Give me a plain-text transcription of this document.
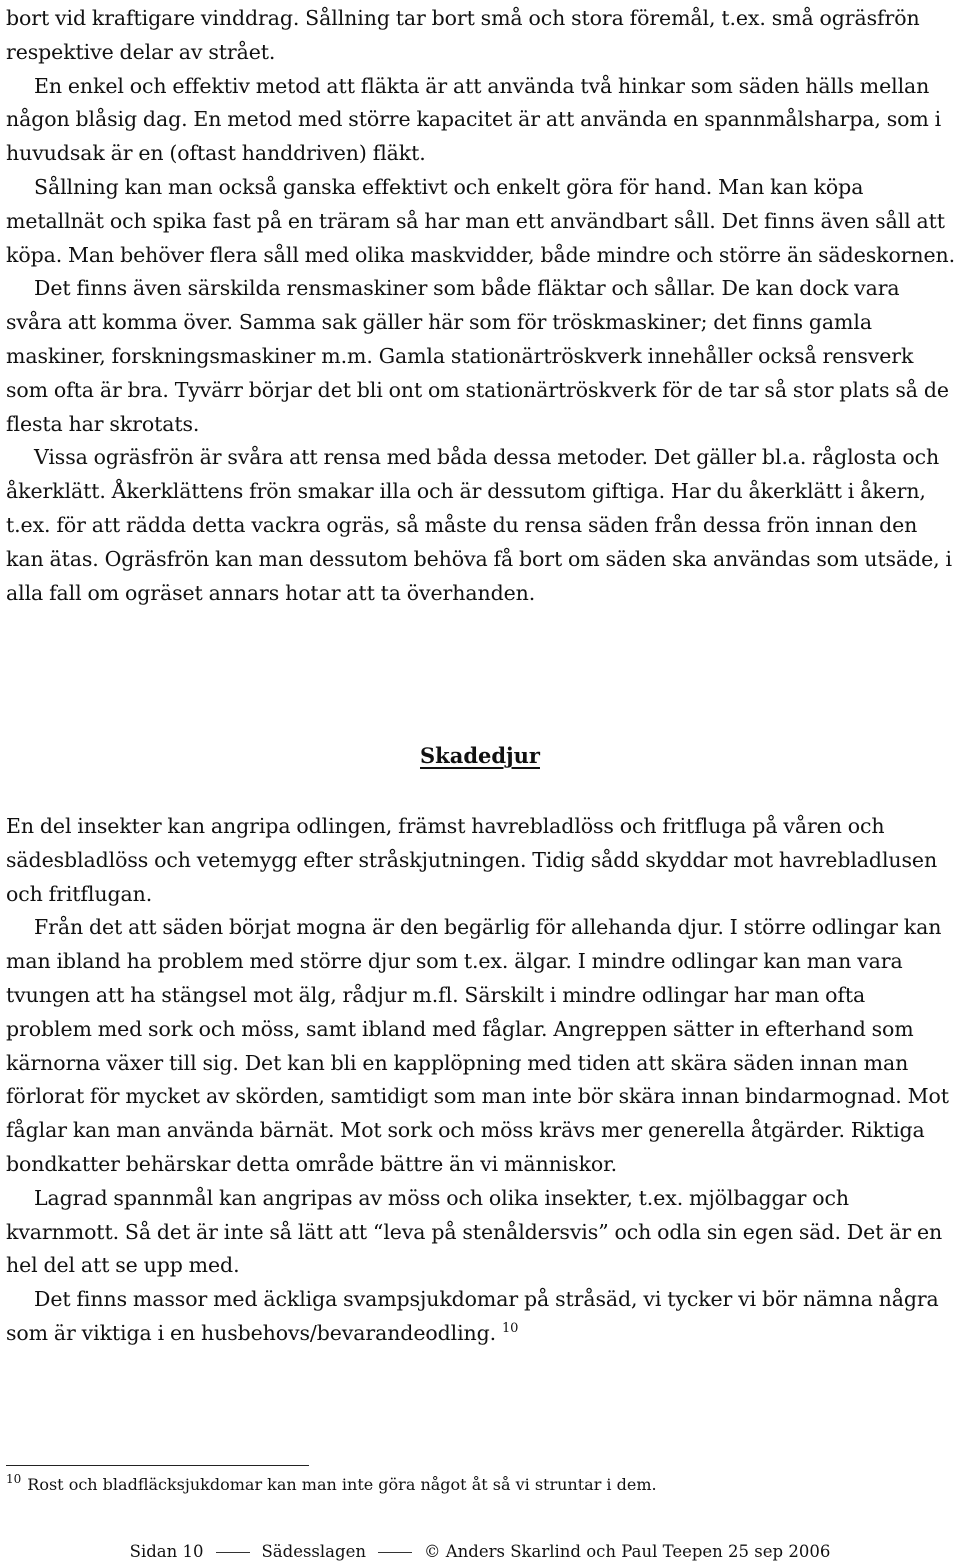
bort vid kraftigare vinddrag. Sållning tar bort små och stora föremål, t.ex. små ogräsfrön respektive delar av strået.

En enkel och effektiv metod att fläkta är att använda två hinkar som säden hälls mellan någon blåsig dag. En metod med större kapacitet är att använda en spannmålsharpa, som i huvudsak är en (oftast handdriven) fläkt.

Sållning kan man också ganska effektivt och enkelt göra för hand. Man kan köpa metallnät och spika fast på en träram så har man ett användbart såll. Det finns även såll att köpa. Man behöver flera såll med olika maskvidder, både mindre och större än sädeskornen.

Det finns även särskilda rensmaskiner som både fläktar och sållar. De kan dock vara svåra att komma över. Samma sak gäller här som för tröskmaskiner; det finns gamla maskiner, forskningsmaskiner m.m. Gamla stationärtröskverk innehåller också rensverk som ofta är bra. Tyvärr börjar det bli ont om stationärtröskverk för de tar så stor plats så de flesta har skrotats.

Vissa ogräsfrön är svåra att rensa med båda dessa metoder. Det gäller bl.a. råglosta och åkerklätt. Åkerklättens frön smakar illa och är dessutom giftiga. Har du åkerklätt i åkern, t.ex. för att rädda detta vackra ogräs, så måste du rensa säden från dessa frön innan den kan ätas. Ogräsfrön kan man dessutom behöva få bort om säden ska användas som utsäde, i alla fall om ogräset annars hotar att ta överhanden.

Skadedjur

En del insekter kan angripa odlingen, främst havrebladlöss och fritfluga på våren och sädesbladlöss och vetemygg efter stråskjutningen. Tidig sådd skyddar mot havrebladlusen och fritflugan.

Från det att säden börjat mogna är den begärlig för allehanda djur. I större odlingar kan man ibland ha problem med större djur som t.ex. älgar. I mindre odlingar kan man vara tvungen att ha stängsel mot älg, rådjur m.fl. Särskilt i mindre odlingar har man ofta problem med sork och möss, samt ibland med fåglar. Angreppen sätter in efterhand som kärnorna växer till sig. Det kan bli en kapplöpning med tiden att skära säden innan man förlorat för mycket av skörden, samtidigt som man inte bör skära innan bindarmognad. Mot fåglar kan man använda bärnät. Mot sork och möss krävs mer generella åtgärder. Riktiga bondkatter behärskar detta område bättre än vi människor.

Lagrad spannmål kan angripas av möss och olika insekter, t.ex. mjölbaggar och kvarnmott. Så det är inte så lätt att “leva på stenåldersvis” och odla sin egen säd. Det är en hel del att se upp med.

Det finns massor med äckliga svampsjukdomar på stråsäd, vi tycker vi bör nämna några som är viktiga i en husbehovs/bevarandeodling. $^{10}$

$^{10}$ Rost och bladfläcksjukdomar kan man inte göra något åt så vi struntar i dem.
Sidan 10	Sädesslagen	© Anders Skarlind och Paul Teepen 25 sep 2006
